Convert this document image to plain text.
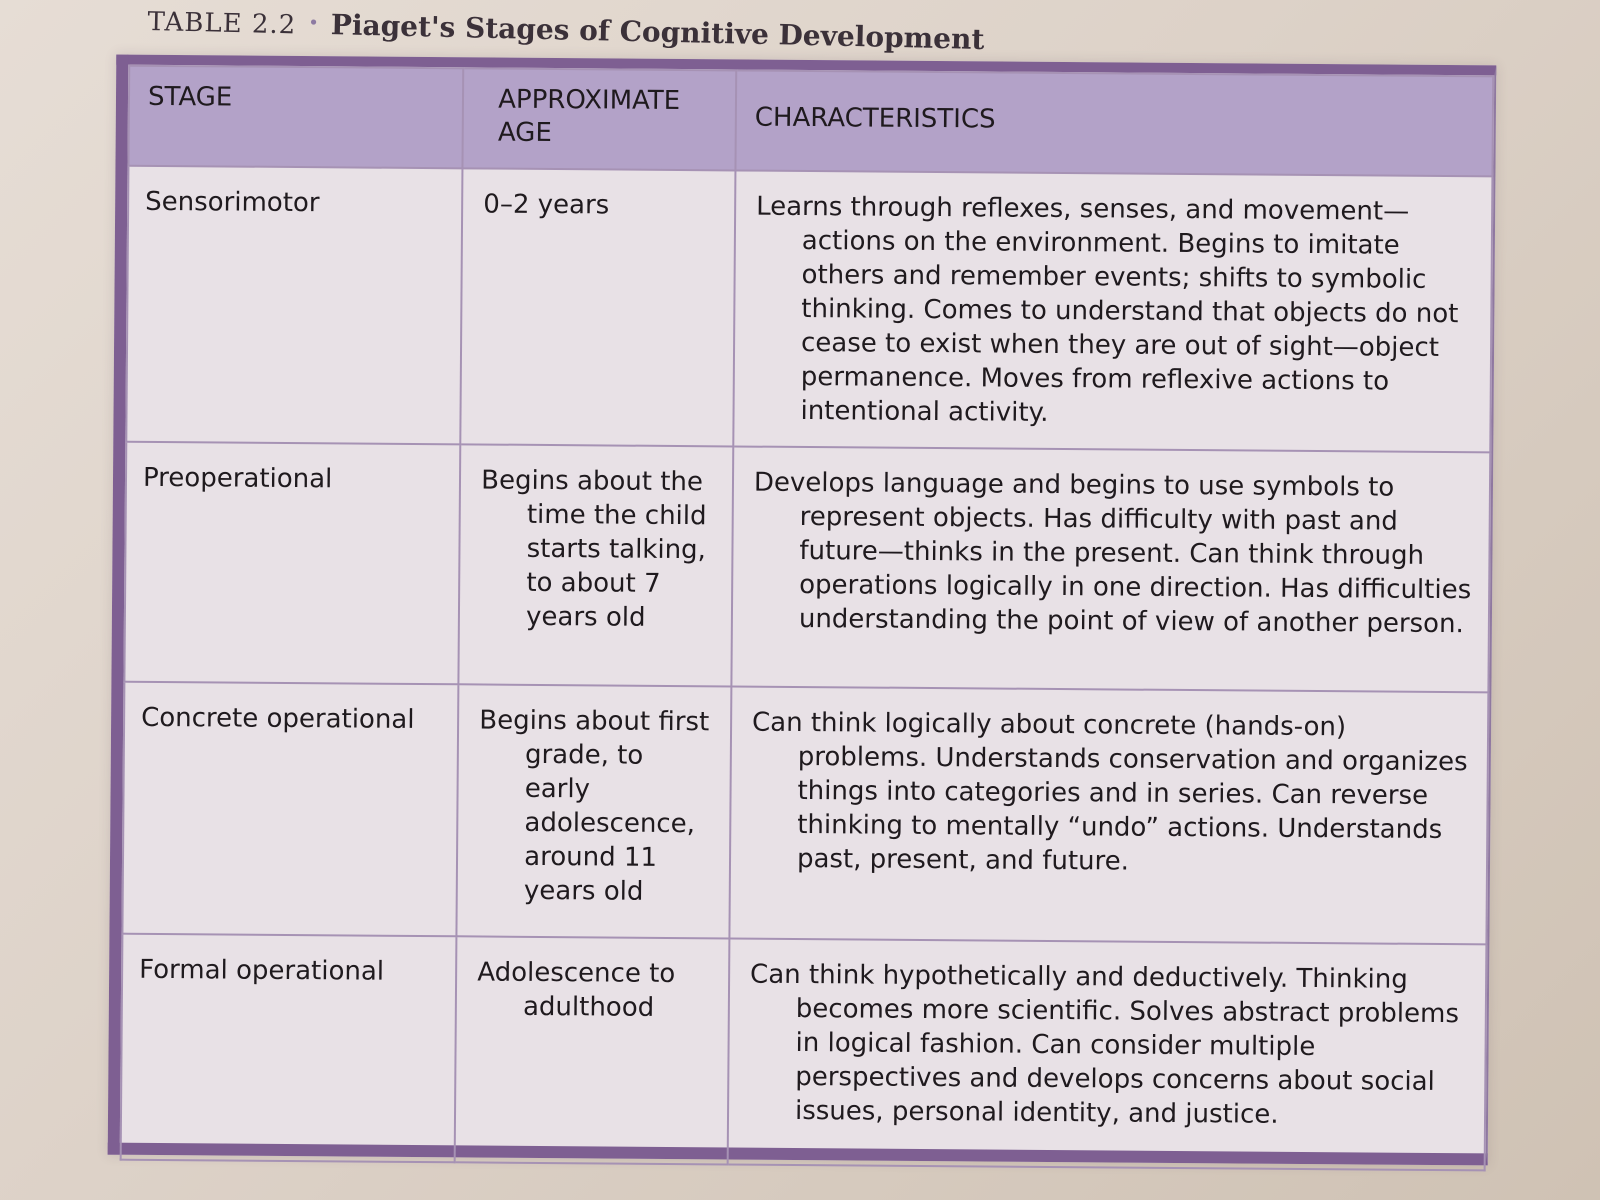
TABLE 2.2 • Piaget's Stages of Cognitive Development
STAGE	APPROXIMATE AGE	CHARACTERISTICS
Sensorimotor	0–2 years	Learns through reflexes, senses, and movement—actions on the environment. Begins to imitate others and remember events; shifts to symbolic thinking. Comes to understand that objects do not cease to exist when they are out of sight—object permanence. Moves from reflexive actions to intentional activity.
Preoperational	Begins about the time the child starts talking, to about 7 years old	Develops language and begins to use symbols to represent objects. Has difficulty with past and future—thinks in the present. Can think through operations logically in one direction. Has difficulties understanding the point of view of another person.
Concrete operational	Begins about first grade, to early adolescence, around 11 years old	Can think logically about concrete (hands-on) problems. Understands conservation and organizes things into categories and in series. Can reverse thinking to mentally “undo” actions. Understands past, present, and future.
Formal operational	Adolescence to adulthood	Can think hypothetically and deductively. Thinking becomes more scientific. Solves abstract problems in logical fashion. Can consider multiple perspectives and develops concerns about social issues, personal identity, and justice.
